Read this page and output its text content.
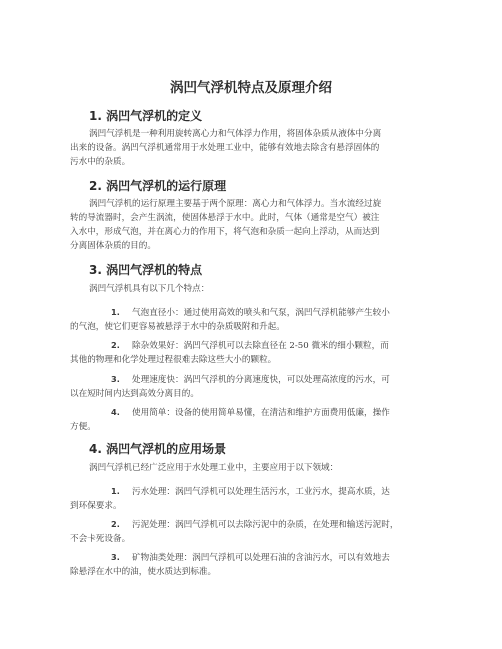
涡凹气浮机特点及原理介绍
1. 涡凹气浮机的定义
涡凹气浮机是一种利用旋转离心力和气体浮力作用，将固体杂质从液体中分离
出来的设备。涡凹气浮机通常用于水处理工业中，能够有效地去除含有悬浮固体的
污水中的杂质。
2. 涡凹气浮机的运行原理
涡凹气浮机的运行原理主要基于两个原理：离心力和气体浮力。当水流经过旋
转的导流器时，会产生涡流，使固体悬浮于水中。此时，气体（通常是空气）被注
入水中，形成气泡，并在离心力的作用下，将气泡和杂质一起向上浮动，从而达到
分离固体杂质的目的。
3. 涡凹气浮机的特点
涡凹气浮机具有以下几个特点：
1. 气泡直径小：通过使用高效的喷头和气泵，涡凹气浮机能够产生较小
的气泡，使它们更容易被悬浮于水中的杂质吸附和升起。
2. 除杂效果好：涡凹气浮机可以去除直径在 2-50 微米的细小颗粒，而
其他的物理和化学处理过程很难去除这些大小的颗粒。
3. 处理速度快：涡凹气浮机的分离速度快，可以处理高浓度的污水，可
以在短时间内达到高效分离目的。
4. 使用简单：设备的使用简单易懂，在清洁和维护方面费用低廉，操作
方便。
4. 涡凹气浮机的应用场景
涡凹气浮机已经广泛应用于水处理工业中，主要应用于以下领域：
1. 污水处理：涡凹气浮机可以处理生活污水，工业污水，提高水质，达
到环保要求。
2. 污泥处理：涡凹气浮机可以去除污泥中的杂质，在处理和输送污泥时，
不会卡死设备。
3. 矿物油类处理：涡凹气浮机可以处理石油的含油污水，可以有效地去
除悬浮在水中的油，使水质达到标准。
